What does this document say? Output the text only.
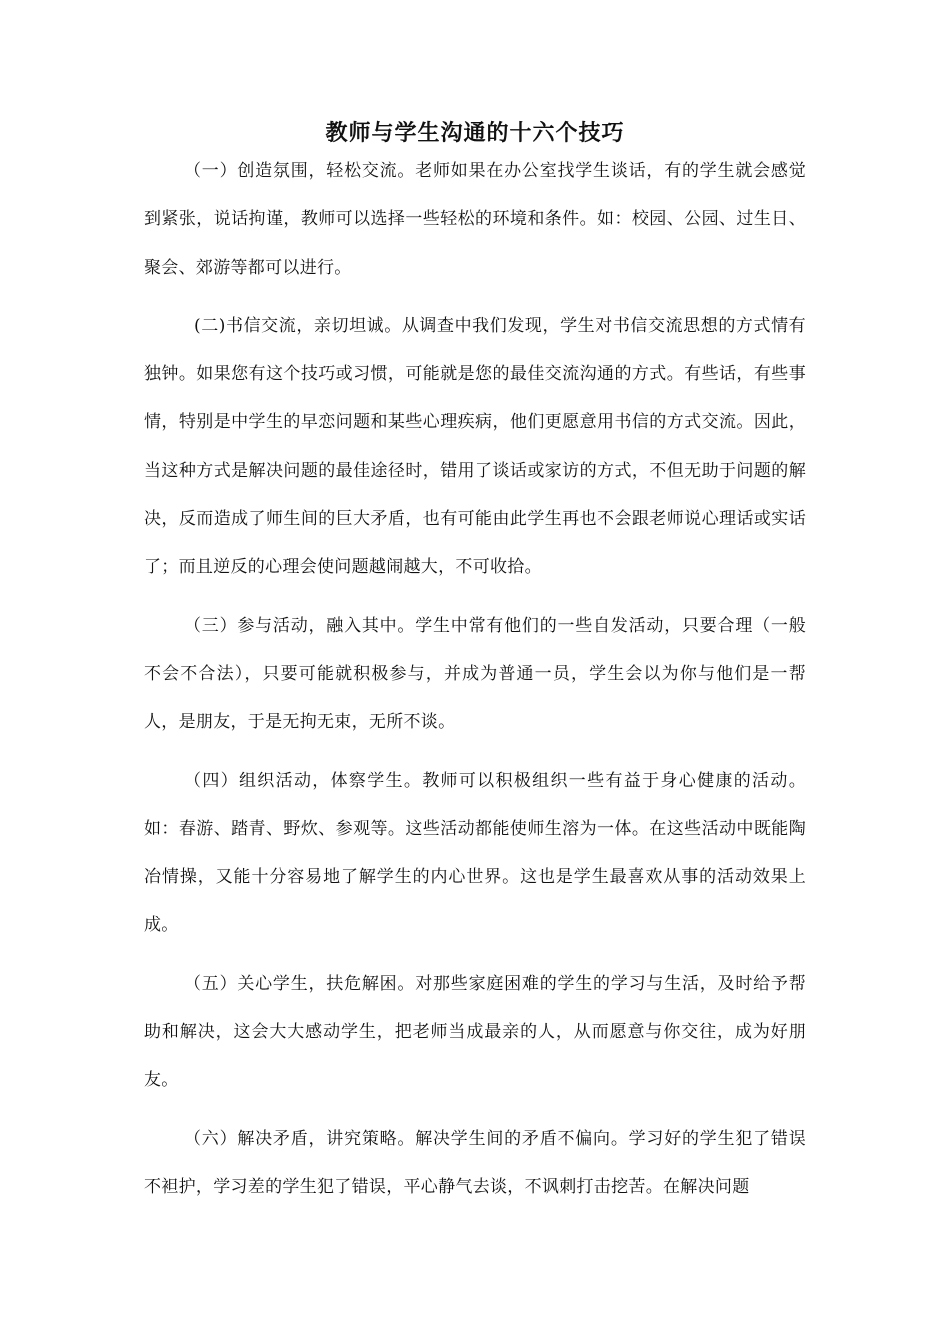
教师与学生沟通的十六个技巧

（一）创造氛围，轻松交流。老师如果在办公室找学生谈话，有的学生就会感觉到紧张，说话拘谨，教师可以选择一些轻松的环境和条件。如：校园、公园、过生日、聚会、郊游等都可以进行。

(二)书信交流，亲切坦诚。从调查中我们发现，学生对书信交流思想的方式情有独钟。如果您有这个技巧或习惯，可能就是您的最佳交流沟通的方式。有些话，有些事情，特别是中学生的早恋问题和某些心理疾病，他们更愿意用书信的方式交流。因此，当这种方式是解决问题的最佳途径时，错用了谈话或家访的方式，不但无助于问题的解决，反而造成了师生间的巨大矛盾，也有可能由此学生再也不会跟老师说心理话或实话了；而且逆反的心理会使问题越闹越大，不可收拾。

（三）参与活动，融入其中。学生中常有他们的一些自发活动，只要合理（一般不会不合法），只要可能就积极参与，并成为普通一员，学生会以为你与他们是一帮人，是朋友，于是无拘无束，无所不谈。

（四）组织活动，体察学生。教师可以积极组织一些有益于身心健康的活动。如：春游、踏青、野炊、参观等。这些活动都能使师生溶为一体。在这些活动中既能陶冶情操，又能十分容易地了解学生的内心世界。这也是学生最喜欢从事的活动效果上成。

（五）关心学生，扶危解困。对那些家庭困难的学生的学习与生活，及时给予帮助和解决，这会大大感动学生，把老师当成最亲的人，从而愿意与你交往，成为好朋友。

（六）解决矛盾，讲究策略。解决学生间的矛盾不偏向。学习好的学生犯了错误不袒护，学习差的学生犯了错误，平心静气去谈，不讽刺打击挖苦。在解决问题
